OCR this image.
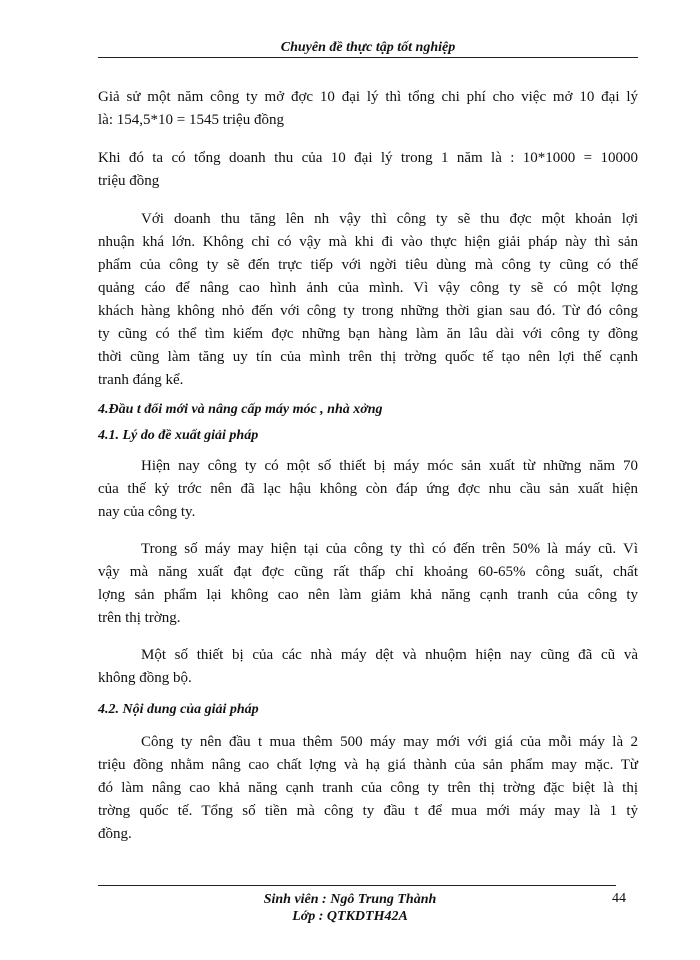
Chuyên đề thực tập tốt nghiệp

Giả sử một năm công ty mở đợc 10 đại lý thì tổng chi phí cho việc mở 10 đại lý
là: 154,5*10 = 1545 triệu đồng

Khi đó ta có tổng doanh thu của 10 đại lý trong 1 năm là : 10*1000 = 10000
triệu đồng

Với doanh thu tăng lên nh vậy thì công ty sẽ thu đợc một khoản lợi
nhuận khá lớn. Không chỉ có vậy mà khi đi vào thực hiện giải pháp này thì sản
phẩm của công ty sẽ đến trực tiếp với ngời tiêu dùng mà công ty cũng có thể
quảng cáo để nâng cao hình ảnh của mình. Vì vậy công ty sẽ có một lợng
khách hàng không nhỏ đến với công ty trong những thời gian sau đó. Từ đó công
ty cũng có thể tìm kiếm đợc những bạn hàng làm ăn lâu dài với công ty đồng
thời cũng làm tăng uy tín của mình trên thị trờng quốc tế tạo nên lợi thế cạnh
tranh đáng kể.

4.Đầu t đổi mới và nâng cấp máy móc , nhà xởng

4.1. Lý do đề xuất giải pháp

Hiện nay công ty có một số thiết bị máy móc sản xuất từ những năm 70
của thế kỷ trớc nên đã lạc hậu không còn đáp ứng đợc nhu cầu sản xuất hiện
nay của công ty.

Trong số máy may hiện tại của công ty thì có đến trên 50% là máy cũ. Vì
vậy mà năng xuất đạt đợc cũng rất thấp chỉ khoảng 60-65% công suất, chất
lợng sản phẩm lại không cao nên làm giảm khả năng cạnh tranh của công ty
trên thị trờng.

Một số thiết bị của các nhà máy dệt và nhuộm hiện nay cũng đã cũ và
không đồng bộ.

4.2. Nội dung của giải pháp

Công ty nên đầu t mua thêm 500 máy may mới với giá của mỗi máy là 2
triệu đồng nhằm nâng cao chất lợng và hạ giá thành của sản phẩm may mặc. Từ
đó làm nâng cao khả năng cạnh tranh của công ty trên thị trờng đặc biệt là thị
trờng quốc tế. Tổng số tiền mà công ty đầu t để mua mới máy may là 1 tỷ
đồng.

Sinh viên : Ngô Trung Thành
Lớp : QTKDTH42A
44
